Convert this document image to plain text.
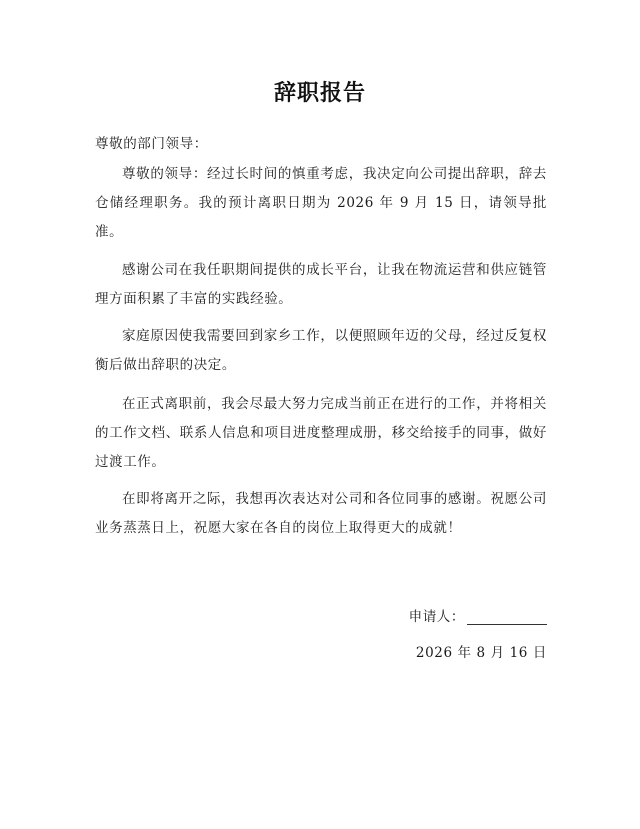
辞职报告
尊敬的部门领导：

尊敬的领导：经过长时间的慎重考虑，我决定向公司提出辞职，辞去仓储经理职务。我的预计离职日期为 2026 年 9 月 15 日，请领导批准。

感谢公司在我任职期间提供的成长平台，让我在物流运营和供应链管理方面积累了丰富的实践经验。

家庭原因使我需要回到家乡工作，以便照顾年迈的父母，经过反复权衡后做出辞职的决定。

在正式离职前，我会尽最大努力完成当前正在进行的工作，并将相关的工作文档、联系人信息和项目进度整理成册，移交给接手的同事，做好过渡工作。

在即将离开之际，我想再次表达对公司和各位同事的感谢。祝愿公司业务蒸蒸日上，祝愿大家在各自的岗位上取得更大的成就！

申请人：
2026 年 8 月 16 日
